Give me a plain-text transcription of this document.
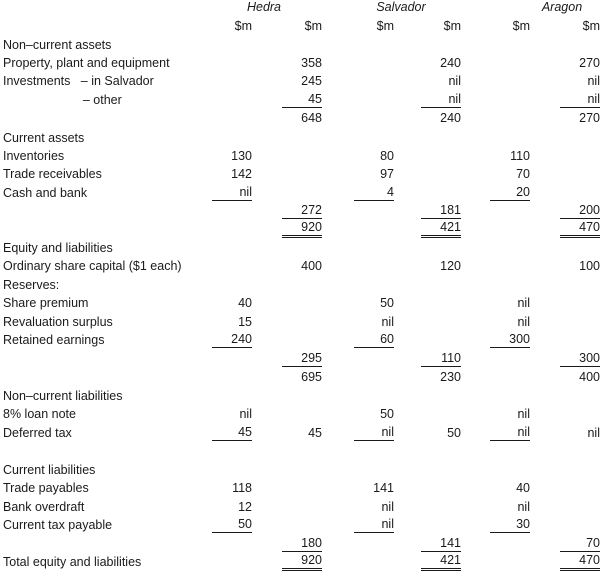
Hedra	Salvador	Aragon
$m	$m	$m	$m	$m	$m
Non–current assets
Property, plant and equipment	358	240	270
Investments   – in Salvador	245	nil	nil
– other	45	nil	nil
648	240	270
Current assets
Inventories	130	80	110
Trade receivables	142	97	70
Cash and bank	nil	4	20
272	181	200
920	421	470
Equity and liabilities
Ordinary share capital ($1 each)	400	120	100
Reserves:
Share premium	40	50	nil
Revaluation surplus	15	nil	nil
Retained earnings	240	60	300
295	110	300
695	230	400
Non–current liabilities
8% loan note	nil	50	nil
Deferred tax	45	45	nil	50	nil	nil
Current liabilities
Trade payables	118	141	40
Bank overdraft	12	nil	nil
Current tax payable	50	nil	30
180	141	70
Total equity and liabilities	920	421	470
